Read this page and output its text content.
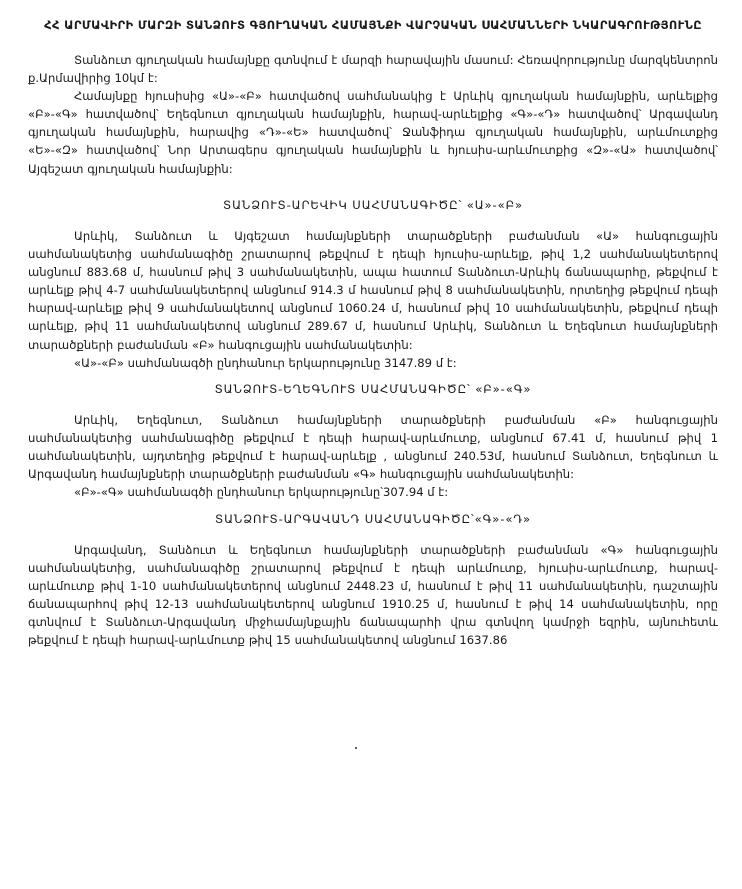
ՀՀ ԱՐՄԱՎԻՐԻ ՄԱՐԶԻ ՏԱՆՁՈՒՏ ԳՅՈՒՂԱԿԱՆ ՀԱՄԱՅՆՔԻ ՎԱՐՉԱԿԱՆ ՍԱՀՄԱՆՆԵՐԻ ՆԿԱՐԱԳՐՈՒԹՅՈՒՆԸ

Տանձուտ գյուղական համայնքը գտնվում է մարզի հարավային մասում: Հեռավորությունը մարզկենտրոն ք.Արմավիրից 10կմ է:

Համայնքը հյուսիսից «Ա»-«Բ» հատվածով սահմանակից է Արևիկ գյուղական համայնքին, արևելքից «Բ»-«Գ» հատվածով՝ Եղեգնուտ գյուղական համայնքին, հարավ-արևելքից «Գ»-«Դ» հատվածով՝ Արգավանդ գյուղական համայնքին, հարավից «Դ»-«Ե» հատվածով՝ Ջանֆիդա գյուղական համայնքին, արևմուտքից «Ե»-«Զ» հատվածով՝ Նոր Արտագերս գյուղական համայնքին և հյուսիս-արևմուտքից «Զ»-«Ա» հատվածով՝ Այգեշատ գյուղական համայնքին:

ՏԱՆՁՈՒՏ-ԱՐԵՎԻԿ ՍԱՀՄԱՆԱԳԻԾԸ՝ «Ա»-«Բ»

Արևիկ, Տանձուտ և Այգեշատ համայնքների տարածքների բաժանման «Ա» հանգուցային սահմանակետից սահմանագիծը շրատարով թեքվում է դեպի հյուսիս-արևելք, թիվ 1,2 սահմանակետերով անցնում 883.68 մ, հասնում թիվ 3 սահմանակետին, ապա հատում Տանձուտ-Արևիկ ճանապարհը, թեքվում է արևելք թիվ 4-7 սահմանակետերով անցնում 914.3 մ հասնում թիվ 8 սահմանակետին, որտեղից թեքվում դեպի հարավ-արևելք թիվ 9 սահմանակետով անցնում 1060.24 մ, հասնում թիվ 10 սահմանակետին, թեքվում դեպի արևելք, թիվ 11 սահմանակետով անցնում 289.67 մ, հասնում Արևիկ, Տանձուտ և Եղեգնուտ համայնքների տարածքների բաժանման «Բ» հանգուցային սահմանակետին:

«Ա»-«Բ» սահմանագծի ընդհանուր երկարությունը 3147.89 մ է:

ՏԱՆՁՈՒՏ-ԵՂԵԳՆՈՒՏ ՍԱՀՄԱՆԱԳԻԾԸ՝ «Բ»-«Գ»

Արևիկ, Եղեգնուտ, Տանձուտ համայնքների տարածքների բաժանման «Բ» հանգուցային սահմանակետից սահմանագիծը թեքվում է դեպի հարավ-արևմուտք, անցնում 67.41 մ, հասնում թիվ 1 սահմանակետին, այդտեղից թեքվում է հարավ-արևելք , անցնում 240.53մ, հասնում Տանձուտ, Եղեգնուտ և Արգավանդ համայնքների տարածքների բաժանման «Գ» հանգուցային սահմանակետին:

«Բ»-«Գ» սահմանագծի ընդհանուր երկարությունը՝307.94 մ է:

ՏԱՆՁՈՒՏ-ԱՐԳԱՎԱՆԴ ՍԱՀՄԱՆԱԳԻԾԸ՝«Գ»-«Դ»

Արգավանդ, Տանձուտ և Եղեգնուտ համայնքների տարածքների բաժանման «Գ» հանգուցային սահմանակետից, սահմանագիծը շրատարով թեքվում է դեպի արևմուտք, հյուսիս-արևմուտք, հարավ-արևմուտք թիվ 1-10 սահմանակետերով անցնում 2448.23 մ, հասնում է թիվ 11 սահմանակետին, դաշտային ճանապարհով թիվ 12-13 սահմանակետերով անցնում 1910.25 մ, հասնում է թիվ 14 սահմանակետին, որը գտնվում է Տանձուտ-Արգավանդ միջհամայնքային ճանապարհի վրա գտնվող կամրջի եզրին, այնուհետև թեքվում է դեպի հարավ-արևմուտք թիվ 15 սահմանակետով անցնում 1637.86
